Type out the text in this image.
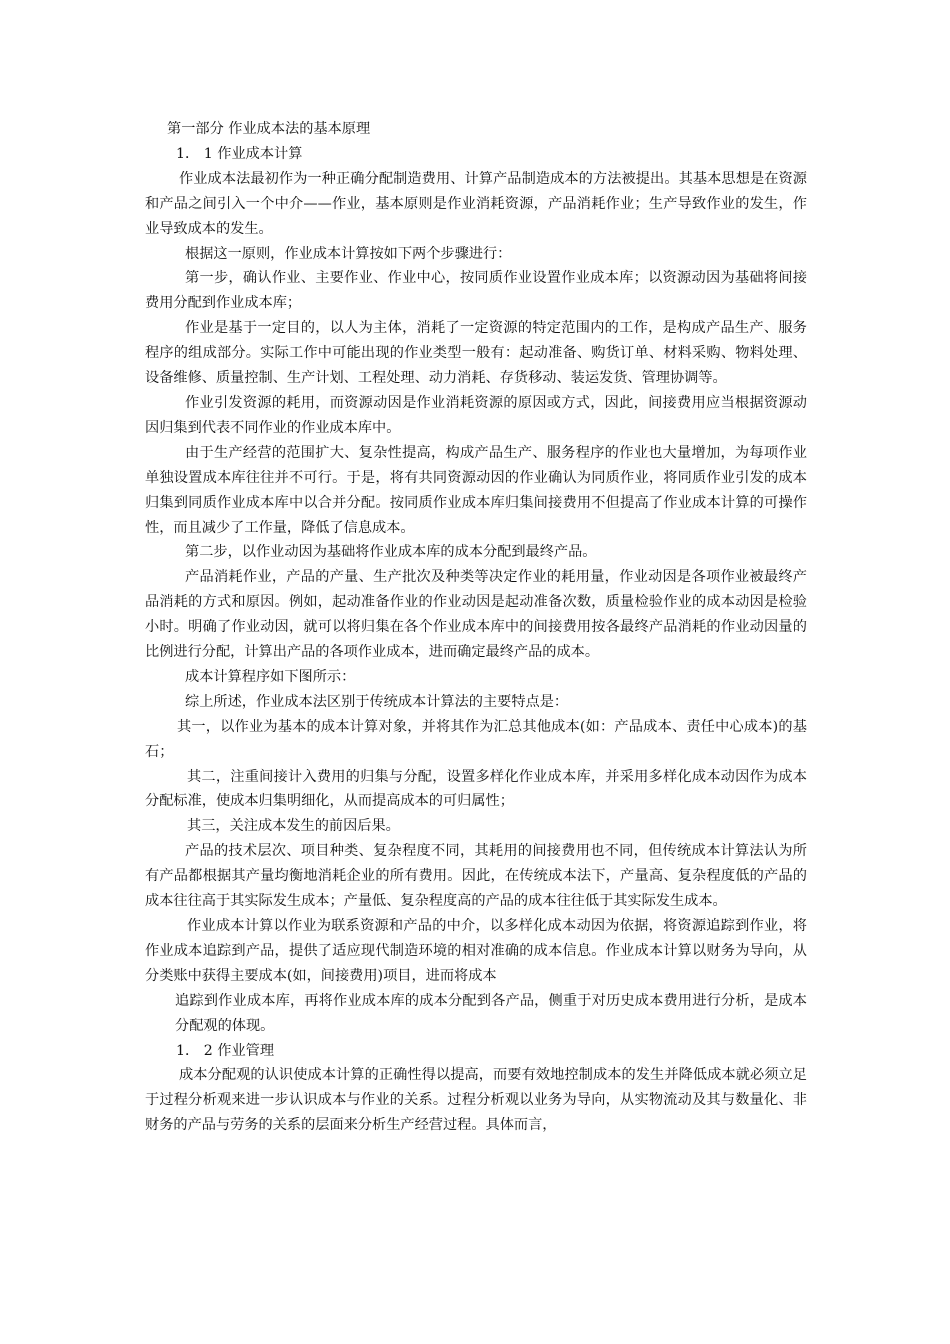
第一部分 作业成本法的基本原理
1． 1 作业成本计算

作业成本法最初作为一种正确分配制造费用、计算产品制造成本的方法被提出。其基本思想是在资源和产品之间引入一个中介——作业，基本原则是作业消耗资源，产品消耗作业；生产导致作业的发生，作业导致成本的发生。

根据这一原则，作业成本计算按如下两个步骤进行：

第一步，确认作业、主要作业、作业中心，按同质作业设置作业成本库；以资源动因为基础将间接费用分配到作业成本库；

作业是基于一定目的，以人为主体，消耗了一定资源的特定范围内的工作，是构成产品生产、服务程序的组成部分。实际工作中可能出现的作业类型一般有：起动准备、购货订单、材料采购、物料处理、设备维修、质量控制、生产计划、工程处理、动力消耗、存货移动、装运发货、管理协调等。

作业引发资源的耗用，而资源动因是作业消耗资源的原因或方式，因此，间接费用应当根据资源动因归集到代表不同作业的作业成本库中。

由于生产经营的范围扩大、复杂性提高，构成产品生产、服务程序的作业也大量增加，为每项作业单独设置成本库往往并不可行。于是，将有共同资源动因的作业确认为同质作业，将同质作业引发的成本归集到同质作业成本库中以合并分配。按同质作业成本库归集间接费用不但提高了作业成本计算的可操作性，而且减少了工作量，降低了信息成本。

第二步，以作业动因为基础将作业成本库的成本分配到最终产品。

产品消耗作业，产品的产量、生产批次及种类等决定作业的耗用量，作业动因是各项作业被最终产品消耗的方式和原因。例如，起动准备作业的作业动因是起动准备次数，质量检验作业的成本动因是检验小时。明确了作业动因，就可以将归集在各个作业成本库中的间接费用按各最终产品消耗的作业动因量的比例进行分配，计算出产品的各项作业成本，进而确定最终产品的成本。

成本计算程序如下图所示：

综上所述，作业成本法区别于传统成本计算法的主要特点是：

其一，以作业为基本的成本计算对象，并将其作为汇总其他成本(如：产品成本、责任中心成本)的基石；

其二，注重间接计入费用的归集与分配，设置多样化作业成本库，并采用多样化成本动因作为成本分配标准，使成本归集明细化，从而提高成本的可归属性；

其三，关注成本发生的前因后果。

产品的技术层次、项目种类、复杂程度不同，其耗用的间接费用也不同，但传统成本计算法认为所有产品都根据其产量均衡地消耗企业的所有费用。因此，在传统成本法下，产量高、复杂程度低的产品的成本往往高于其实际发生成本；产量低、复杂程度高的产品的成本往往低于其实际发生成本。

作业成本计算以作业为联系资源和产品的中介，以多样化成本动因为依据，将资源追踪到作业，将作业成本追踪到产品，提供了适应现代制造环境的相对准确的成本信息。作业成本计算以财务为导向，从分类账中获得主要成本(如，间接费用)项目，进而将成本

追踪到作业成本库，再将作业成本库的成本分配到各产品，侧重于对历史成本费用进行分析，是成本分配观的体现。

1． 2 作业管理

成本分配观的认识使成本计算的正确性得以提高，而要有效地控制成本的发生并降低成本就必须立足于过程分析观来进一步认识成本与作业的关系。过程分析观以业务为导向，从实物流动及其与数量化、非财务的产品与劳务的关系的层面来分析生产经营过程。具体而言，
